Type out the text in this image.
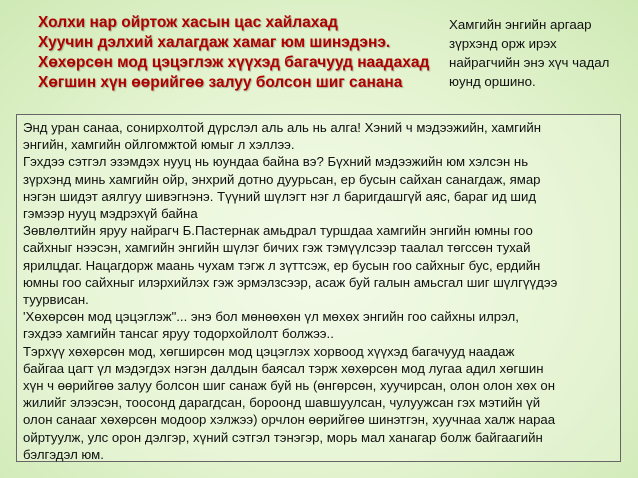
Холхи нар ойртож хасын цас хайлахад
Хуучин дэлхий халагдаж хамаг юм шинэдэнэ.
Хөхөрсөн мод цэцэглэж хүүхэд багачууд наадахад
Хөгшин хүн өөрийгөө залуу болсон шиг санана
Хамгийн энгийн аргаар
зүрхэнд орж ирэх
найрагчийн энэ хүч чадал
юунд оршино.

Энд уран санаа, сонирхолтой дүрслэл аль аль нь алга! Хэний ч мэдээжийн, хамгийн

энгийн, хамгийн ойлгомжтой юмыг л хэллээ.

Гэхдээ сэтгэл эзэмдэх нууц нь юундаа байна вэ? Бүхний мэдээжийн юм хэлсэн нь

зүрхэнд минь хамгийн ойр, энхрий дотно дуурьсан, ер бусын сайхан санагдаж, ямар

нэгэн шидэт аялгуу шивэгнэнэ. Түүний шүлэгт нэг л баригдашгүй аяс, бараг ид шид

гэмээр нууц мэдрэхүй байна

Зөвлөлтийн яруу найрагч Б.Пастернак амьдрал туршдаа хамгийн энгийн юмны гоо

сайхныг нээсэн, хамгийн энгийн шүлэг бичих гэж тэмүүлсээр таалал төгссөн тухай

ярилцдаг. Нацагдорж маань чухам тэгж л зүттсэж, ер бусын гоо сайхныг бус, ердийн

юмны гоо сайхныг илэрхийлэх гэж эрмэлзсээр, асаж буй галын амьсгал шиг шүлгүүдээ

туурвисан.

'Хөхөрсөн мод цэцэглэж"... энэ бол мөнөөхөн үл мөхөх энгийн гоо сайхны илрэл,

гэхдээ хамгийн тансаг яруу тодорхойлолт болжээ..

Тэрхүү хөхөрсөн мод, хөгширсөн мод цэцэглэх хорвоод хүүхэд багачууд наадаж

байгаа цагт үл мэдэгдэх нэгэн далдын баясал тэрж хөхөрсөн мод лугаа адил хөгшин

хүн ч өөрийгөө залуу болсон шиг санаж буй нь (өнгөрсөн, хуучирсан, олон олон хөх он

жилийг элээсэн, тоосонд дарагдсан, бороонд шавшуулсан, чулуужсан гэх мэтийн үй

олон санааг хөхөрсөн модоор хэлжээ) орчлон өөрийгөө шинэтгэн, хуучнаа халж нараа

ойртуулж, улс орон дэлгэр, хүний сэтгэл тэнэгэр, морь мал ханагар болж байгаагийн

бэлгэдэл юм.
